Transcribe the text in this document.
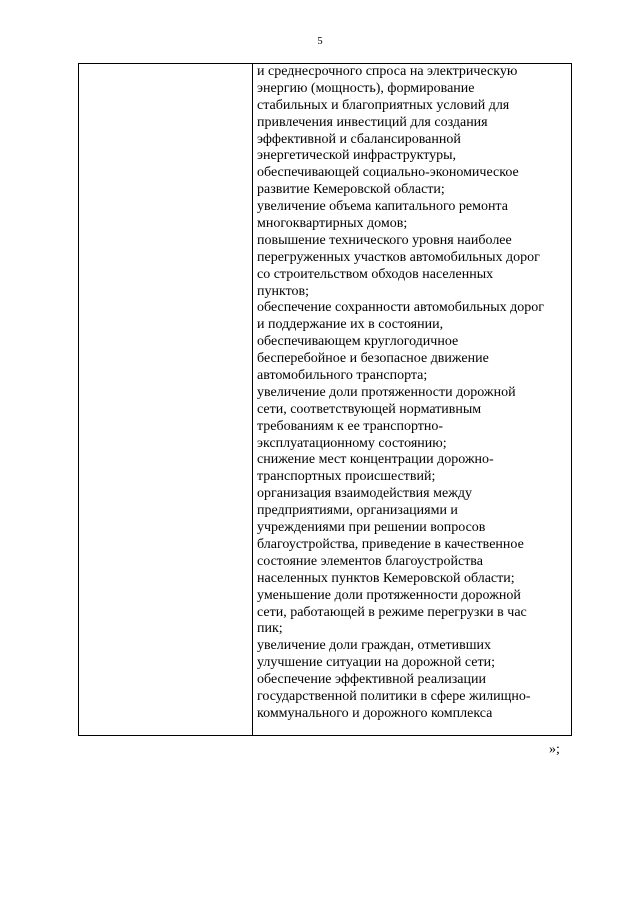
5
и среднесрочного спроса на электрическую
энергию (мощность), формирование
стабильных и благоприятных условий для
привлечения инвестиций для создания
эффективной и сбалансированной
энергетической инфраструктуры,
обеспечивающей социально-экономическое
развитие Кемеровской области;
увеличение объема капитального ремонта
многоквартирных домов;
повышение технического уровня наиболее
перегруженных участков автомобильных дорог
со строительством обходов населенных
пунктов;
обеспечение сохранности автомобильных дорог
и поддержание их в состоянии,
обеспечивающем круглогодичное
бесперебойное и безопасное движение
автомобильного транспорта;
увеличение доли протяженности дорожной
сети, соответствующей нормативным
требованиям к ее транспортно-
эксплуатационному состоянию;
снижение мест концентрации дорожно-
транспортных происшествий;
организация взаимодействия между
предприятиями, организациями и
учреждениями при решении вопросов
благоустройства, приведение в качественное
состояние элементов благоустройства
населенных пунктов Кемеровской области;
уменьшение доли протяженности дорожной
сети, работающей в режиме перегрузки в час
пик;
увеличение доли граждан, отметивших
улучшение ситуации на дорожной сети;
обеспечение эффективной реализации
государственной политики в сфере жилищно-
коммунального и дорожного комплекса
»;
